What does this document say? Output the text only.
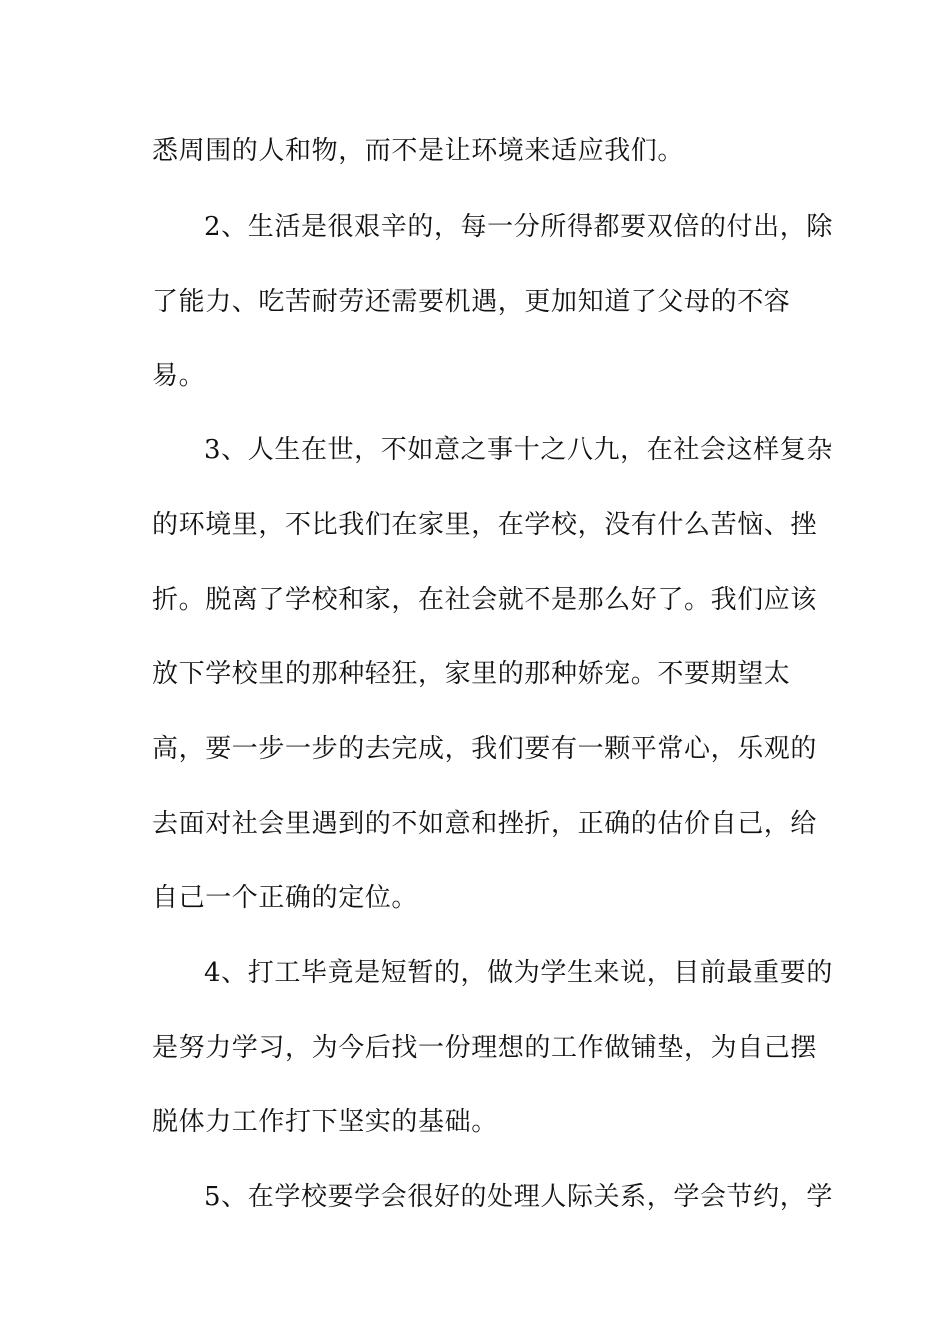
悉周围的人和物，而不是让环境来适应我们。
2、生活是很艰辛的，每一分所得都要双倍的付出，除
了能力、吃苦耐劳还需要机遇，更加知道了父母的不容
易。
3、人生在世，不如意之事十之八九，在社会这样复杂
的环境里，不比我们在家里，在学校，没有什么苦恼、挫
折。脱离了学校和家，在社会就不是那么好了。我们应该
放下学校里的那种轻狂，家里的那种娇宠。不要期望太
高，要一步一步的去完成，我们要有一颗平常心，乐观的
去面对社会里遇到的不如意和挫折，正确的估价自己，给
自己一个正确的定位。
4、打工毕竟是短暂的，做为学生来说，目前最重要的
是努力学习，为今后找一份理想的工作做铺垫，为自己摆
脱体力工作打下坚实的基础。
5、在学校要学会很好的处理人际关系，学会节约，学
